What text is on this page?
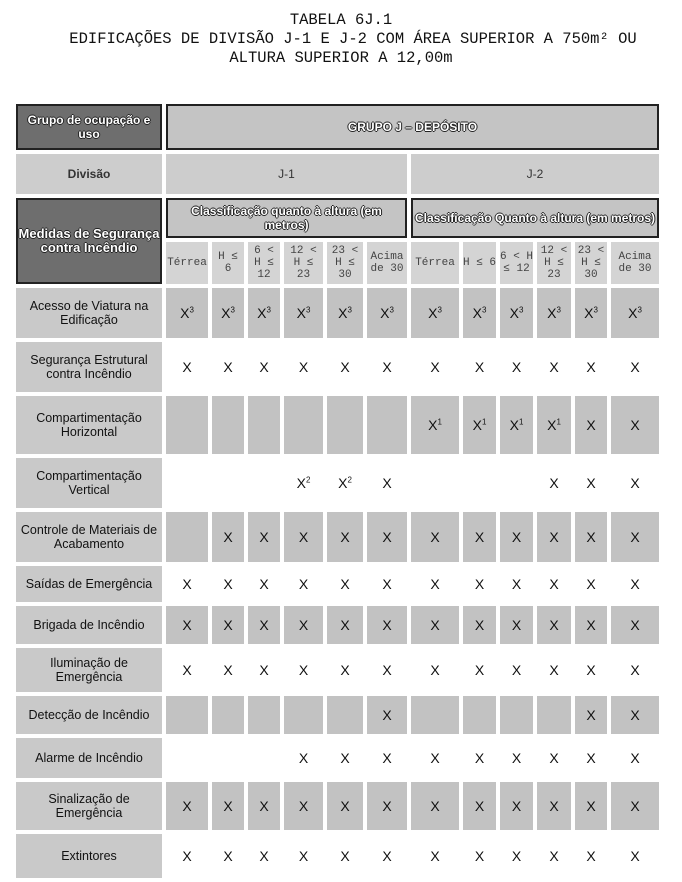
TABELA 6J.1
EDIFICAÇÕES DE DIVISÃO J-1 E J-2 COM ÁREA SUPERIOR A 750m² OU
ALTURA SUPERIOR A 12,00m
Grupo de ocupação e uso	GRUPO J – DEPÓSITO											
Divisão	J-1						J-2					
Medidas de Segurança contra Incêndio	Classificação quanto à altura (em metros)						Classificação Quanto à altura (em metros)					
	Térrea	H ≤ 6	6 < H ≤ 12	12 < H ≤ 23	23 < H ≤ 30	Acima de 30	Térrea	H ≤ 6	6 < H ≤ 12	12 < H ≤ 23	23 < H ≤ 30	Acima de 30
Acesso de Viatura na Edificação	$X^3$	$X^3$	$X^3$	$X^3$	$X^3$	$X^3$	$X^3$	$X^3$	$X^3$	$X^3$	$X^3$	$X^3$
Segurança Estrutural contra Incêndio	X	X	X	X	X	X	X	X	X	X	X	X
Compartimentação Horizontal							$X^1$	$X^1$	$X^1$	$X^1$	X	X
Compartimentação Vertical				$X^2$	$X^2$	X				X	X	X
Controle de Materiais de Acabamento		X	X	X	X	X	X	X	X	X	X	X
Saídas de Emergência	X	X	X	X	X	X	X	X	X	X	X	X
Brigada de Incêndio	X	X	X	X	X	X	X	X	X	X	X	X
Iluminação de Emergência	X	X	X	X	X	X	X	X	X	X	X	X
Detecção de Incêndio						X					X	X
Alarme de Incêndio				X	X	X	X	X	X	X	X	X
Sinalização de Emergência	X	X	X	X	X	X	X	X	X	X	X	X
Extintores	X	X	X	X	X	X	X	X	X	X	X	X
